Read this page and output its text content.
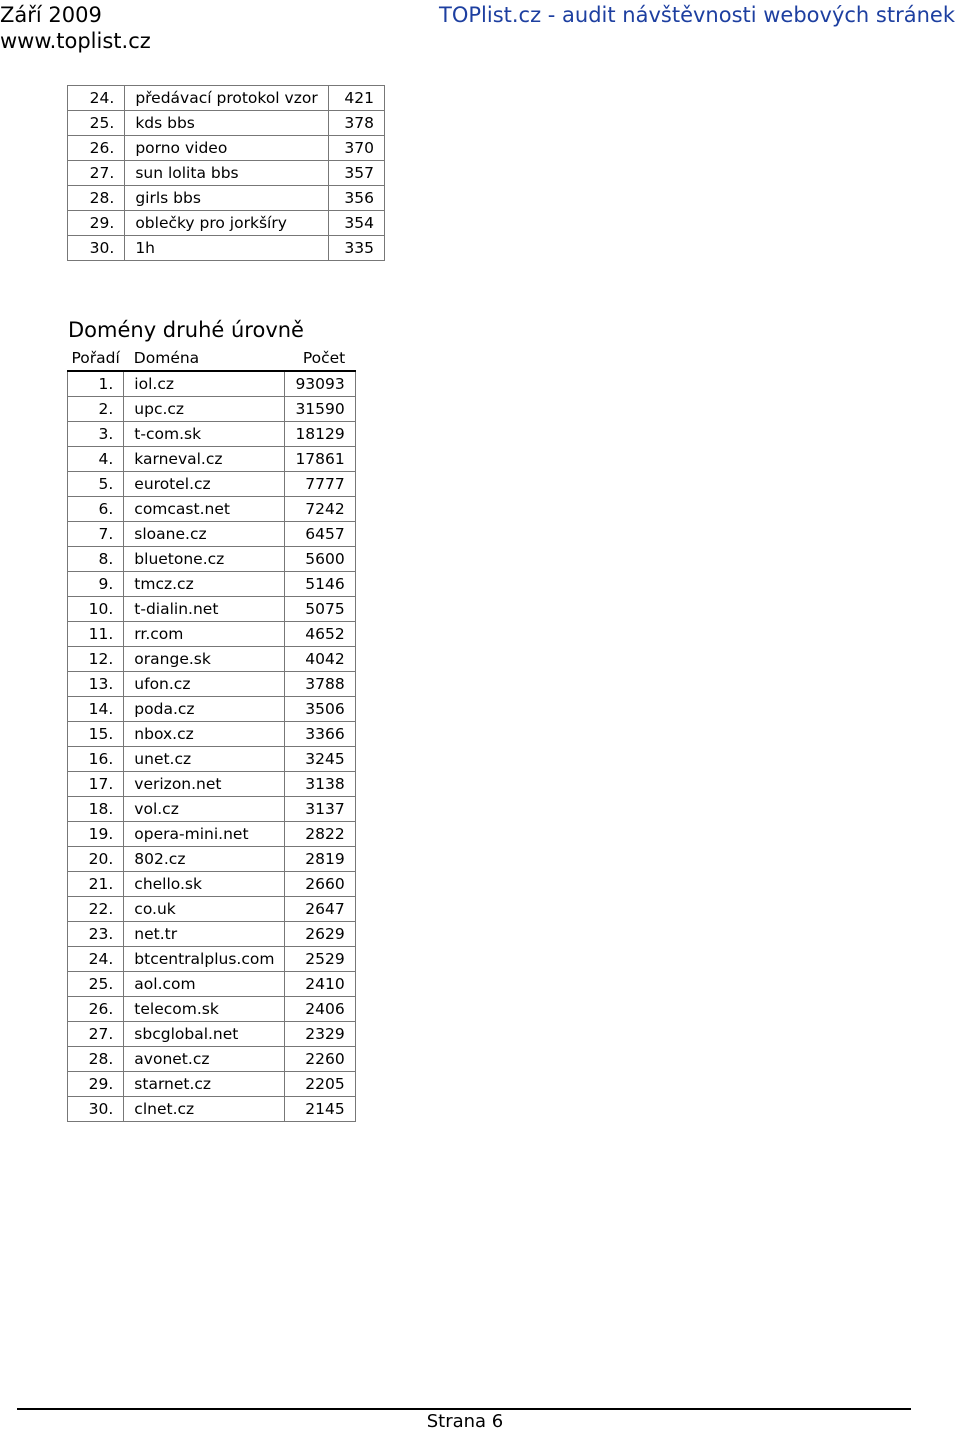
Září 2009
www.toplist.cz
TOPlist.cz - audit návštěvnosti webových stránek
24.	předávací protokol vzor	421
25.	kds bbs	378
26.	porno video	370
27.	sun lolita bbs	357
28.	girls bbs	356
29.	oblečky pro jorkšíry	354
30.	1h	335
Domény druhé úrovně
Pořadí	Doména	Počet
1.	iol.cz	93093
2.	upc.cz	31590
3.	t-com.sk	18129
4.	karneval.cz	17861
5.	eurotel.cz	7777
6.	comcast.net	7242
7.	sloane.cz	6457
8.	bluetone.cz	5600
9.	tmcz.cz	5146
10.	t-dialin.net	5075
11.	rr.com	4652
12.	orange.sk	4042
13.	ufon.cz	3788
14.	poda.cz	3506
15.	nbox.cz	3366
16.	unet.cz	3245
17.	verizon.net	3138
18.	vol.cz	3137
19.	opera-mini.net	2822
20.	802.cz	2819
21.	chello.sk	2660
22.	co.uk	2647
23.	net.tr	2629
24.	btcentralplus.com	2529
25.	aol.com	2410
26.	telecom.sk	2406
27.	sbcglobal.net	2329
28.	avonet.cz	2260
29.	starnet.cz	2205
30.	clnet.cz	2145
Strana 6
